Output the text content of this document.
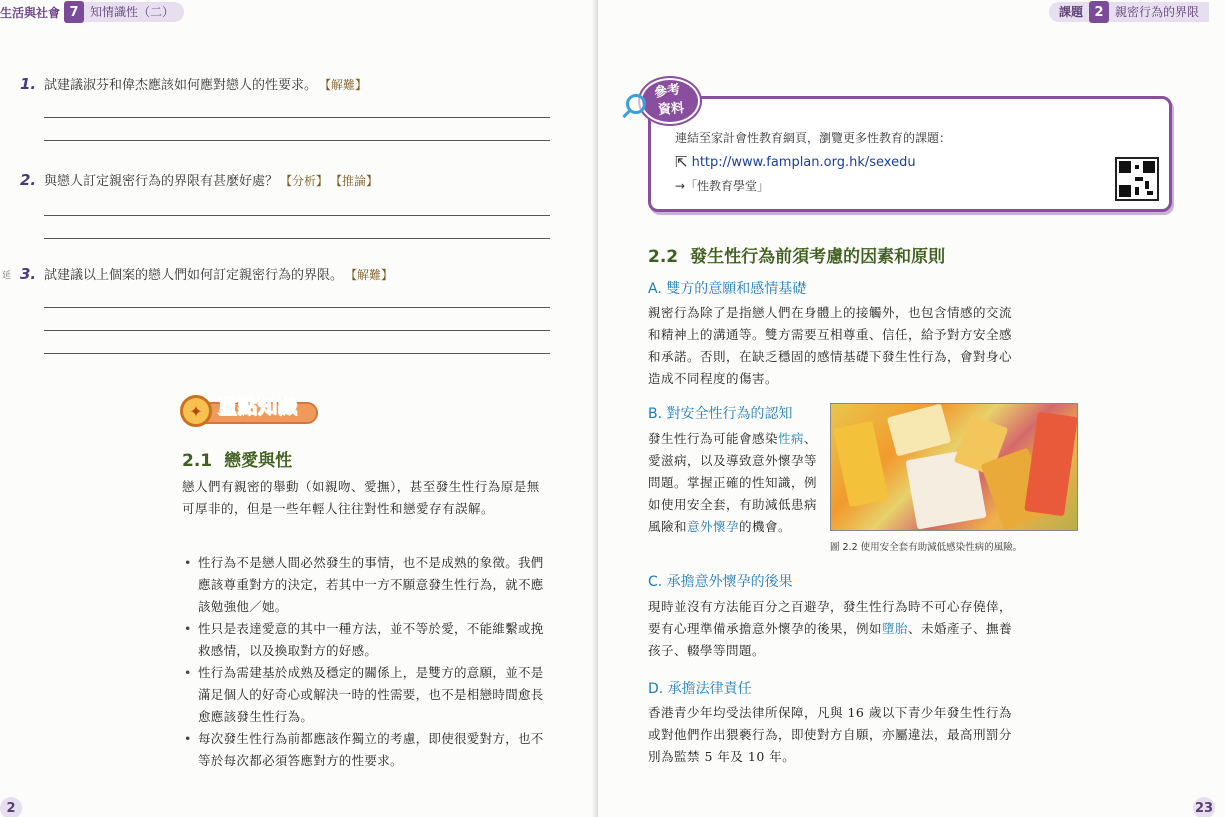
生活與社會 7 知情識性（二）
1. 試建議淑芬和偉杰應該如何應對戀人的性要求。 【解難】
2. 與戀人訂定親密行為的界限有甚麼好處？ 【分析】 【推論】
延 3. 試建議以上個案的戀人們如何訂定親密行為的界限。 【解難】
✦ 重點知識
2.1 戀愛與性
戀人們有親密的舉動（如親吻、愛撫），甚至發生性行為原是無可厚非的，但是一些年輕人往往對性和戀愛存有誤解。
• 性行為不是戀人間必然發生的事情，也不是成熟的象徵。我們應該尊重對方的決定，若其中一方不願意發生性行為，就不應該勉強他／她。
• 性只是表達愛意的其中一種方法，並不等於愛，不能維繫或挽救感情，以及換取對方的好感。
• 性行為需建基於成熟及穩定的關係上，是雙方的意願，並不是滿足個人的好奇心或解決一時的性需要，也不是相戀時間愈長愈應該發生性行為。
• 每次發生性行為前都應該作獨立的考慮，即使很愛對方，也不等於每次都必須答應對方的性要求。
2
課題 2 親密行為的界限
連結至家計會性教育網頁，瀏覽更多性教育的課題：
⇱ http://www.famplan.org.hk/sexedu
→「性教育學堂」
參考
資料
2.2 發生性行為前須考慮的因素和原則
A. 雙方的意願和感情基礎
親密行為除了是指戀人們在身體上的接觸外，也包含情感的交流和精神上的溝通等。雙方需要互相尊重、信任，給予對方安全感和承諾。否則，在缺乏穩固的感情基礎下發生性行為，會對身心造成不同程度的傷害。
B. 對安全性行為的認知
發生性行為可能會感染性病、愛滋病，以及導致意外懷孕等問題。掌握正確的性知識，例如使用安全套，有助減低患病風險和意外懷孕的機會。
圖 2.2 使用安全套有助減低感染性病的風險。
C. 承擔意外懷孕的後果
現時並沒有方法能百分之百避孕，發生性行為時不可心存僥倖，要有心理準備承擔意外懷孕的後果，例如墮胎、未婚產子、撫養孩子、輟學等問題。
D. 承擔法律責任
香港青少年均受法律所保障，凡與 16 歲以下青少年發生性行為或對他們作出猥褻行為，即使對方自願，亦屬違法，最高刑罰分別為監禁 5 年及 10 年。
23
